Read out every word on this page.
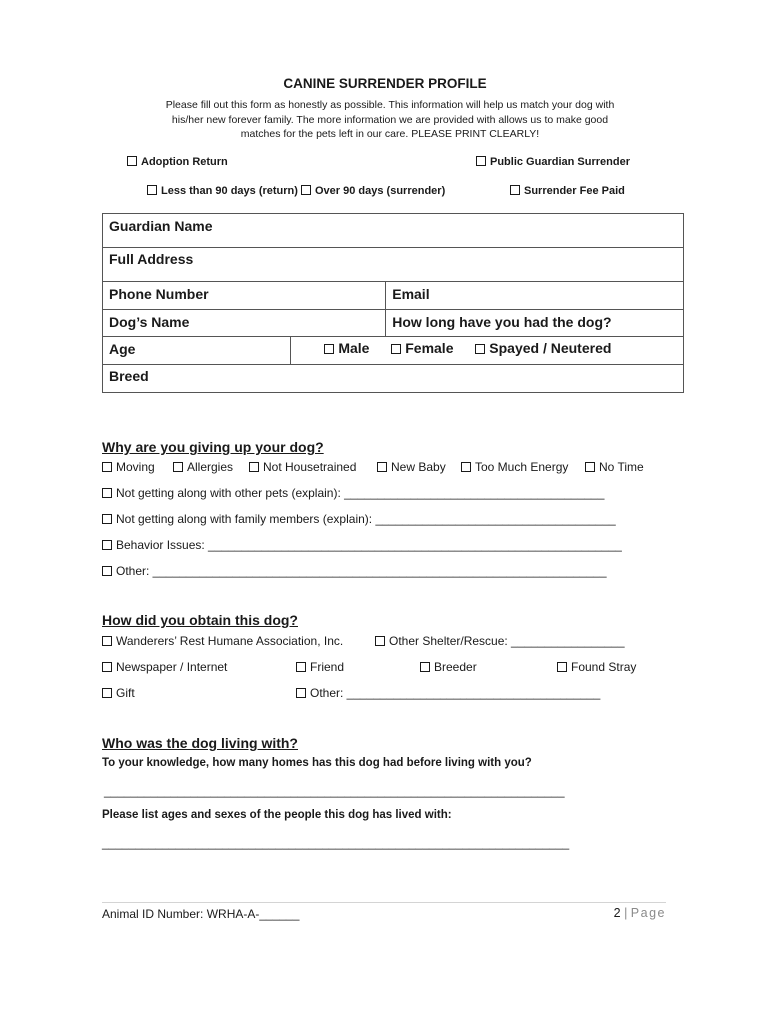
CANINE SURRENDER PROFILE
Please fill out this form as honestly as possible. This information will help us match your dog with
his/her new forever family. The more information we are provided with allows us to make good
matches for the pets left in our care. PLEASE PRINT CLEARLY!
Adoption Return	Public Guardian Surrender
Less than 90 days (return)	Over 90 days (surrender)	Surrender Fee Paid
Guardian Name		
Full Address		
Phone Number		Email
Dog’s Name		How long have you had the dog?
Age	Male Female Spayed / Neutered	
Breed		
Why are you giving up your dog?
Moving	Allergies	Not Housetrained	New Baby	Too Much Energy	No Time
Not getting along with other pets (explain): _______________________________________
Not getting along with family members (explain): ____________________________________
Behavior Issues: ______________________________________________________________
Other: ____________________________________________________________________
How did you obtain this dog?
Wanderers’ Rest Humane Association, Inc.	Other Shelter/Rescue: _________________
Newspaper / Internet	Friend	Breeder	Found Stray
Gift	Other: ______________________________________
Who was the dog living with?
To your knowledge, how many homes has this dog had before living with you?
_____________________________________________________________________
Please list ages and sexes of the people this dog has lived with:
______________________________________________________________________
Animal ID Number: WRHA-A-______	2 | Page
